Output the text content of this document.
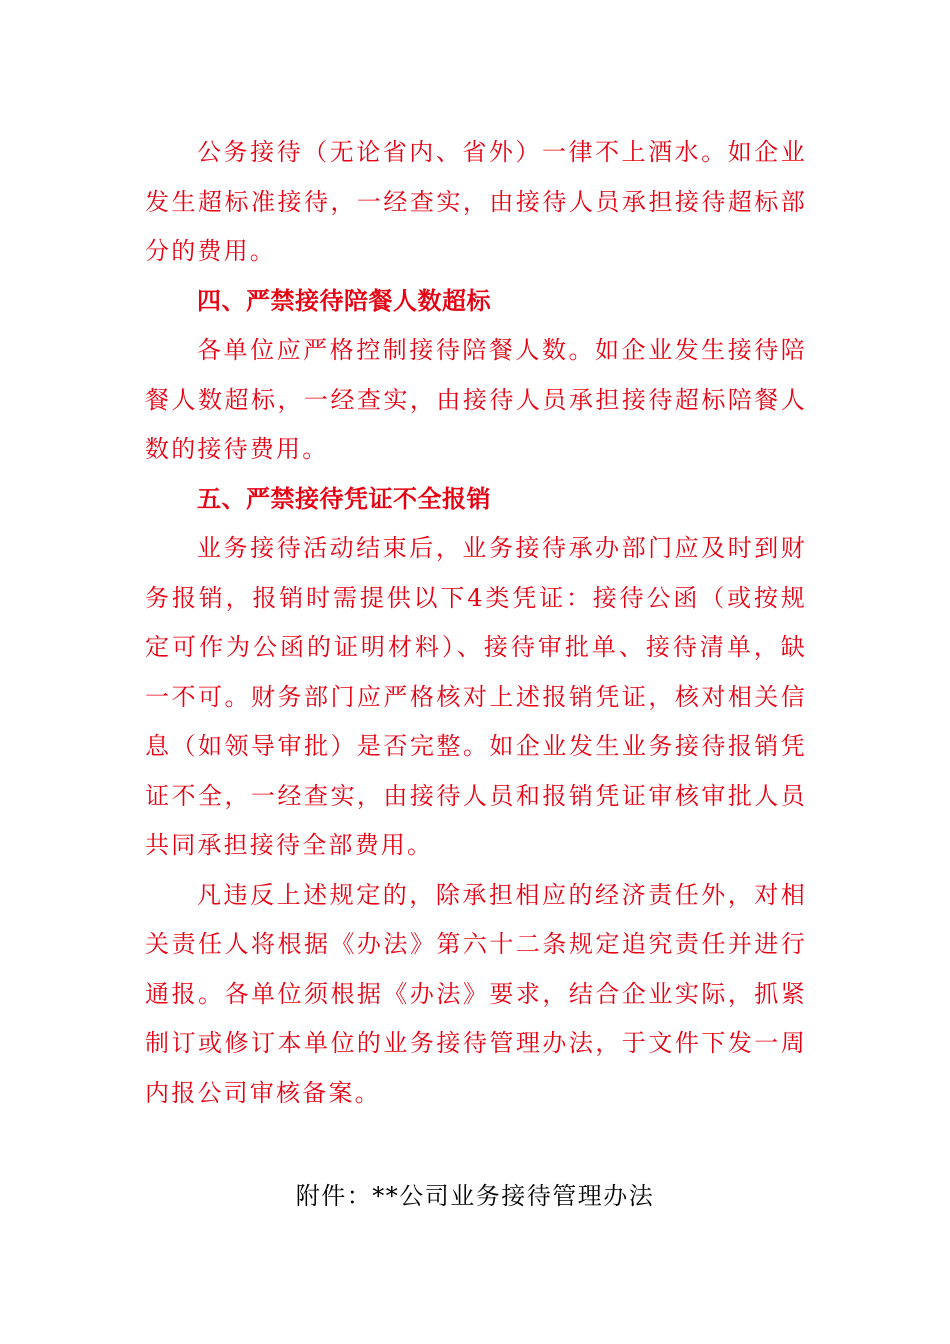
公务接待（无论省内、省外）一律不上酒水。如企业发生超标准接待，一经查实，由接待人员承担接待超标部分的费用。

四、严禁接待陪餐人数超标

各单位应严格控制接待陪餐人数。如企业发生接待陪餐人数超标，一经查实，由接待人员承担接待超标陪餐人数的接待费用。

五、严禁接待凭证不全报销

业务接待活动结束后，业务接待承办部门应及时到财务报销，报销时需提供以下4类凭证：接待公函（或按规定可作为公函的证明材料）、接待审批单、接待清单，缺一不可。财务部门应严格核对上述报销凭证，核对相关信息（如领导审批）是否完整。如企业发生业务接待报销凭证不全，一经查实，由接待人员和报销凭证审核审批人员共同承担接待全部费用。

凡违反上述规定的，除承担相应的经济责任外，对相关责任人将根据《办法》第六十二条规定追究责任并进行通报。各单位须根据《办法》要求，结合企业实际，抓紧制订或修订本单位的业务接待管理办法，于文件下发一周内报公司审核备案。

附件：**公司业务接待管理办法
